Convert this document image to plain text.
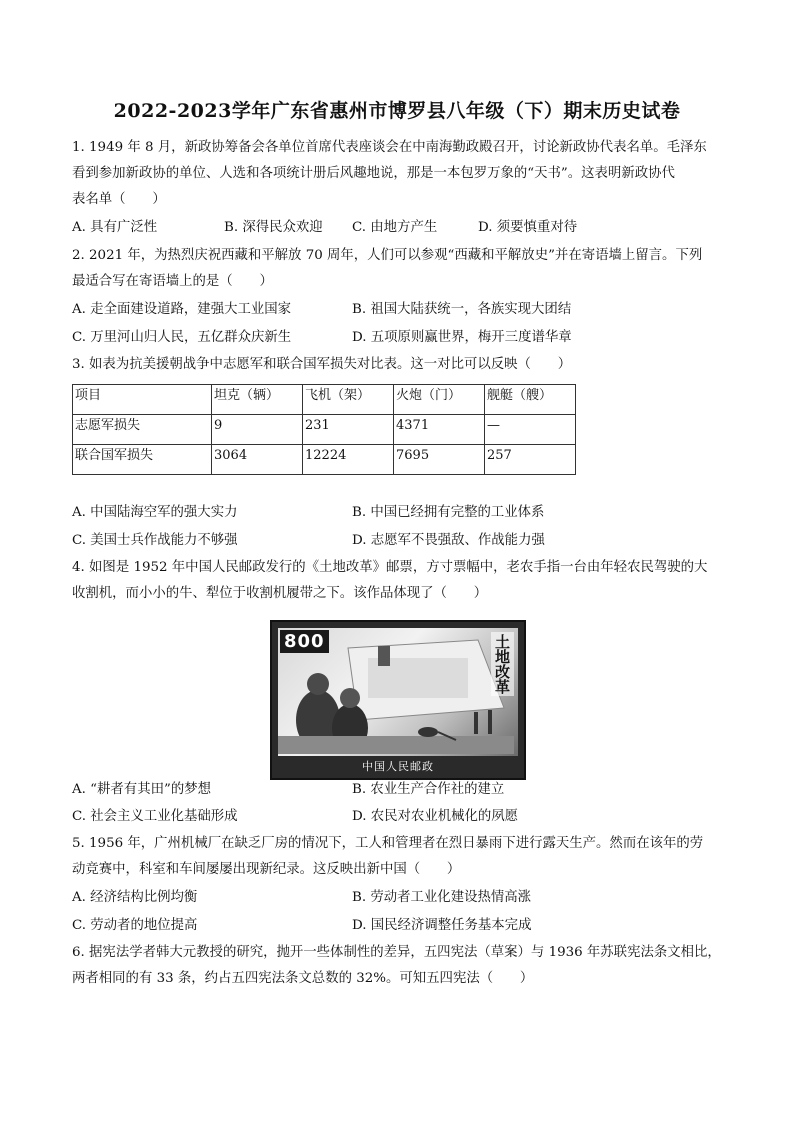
2022-2023学年广东省惠州市博罗县八年级（下）期末历史试卷
1. 1949 年 8 月，新政协筹备会各单位首席代表座谈会在中南海勤政殿召开，讨论新政协代表名单。毛泽东
看到参加新政协的单位、人选和各项统计册后风趣地说，那是一本包罗万象的“天书”。这表明新政协代
表名单（　　）
A. 具有广泛性	B. 深得民众欢迎 C. 由地方产生	D. 须要慎重对待
2. 2021 年，为热烈庆祝西藏和平解放 70 周年，人们可以参观“西藏和平解放史”并在寄语墙上留言。下列
最适合写在寄语墙上的是（　　）
A. 走全面建设道路，建强大工业国家	B. 祖国大陆获统一，各族实现大团结
C. 万里河山归人民，五亿群众庆新生	D. 五项原则赢世界，梅开三度谱华章
3. 如表为抗美援朝战争中志愿军和联合国军损失对比表。这一对比可以反映（　　）
项目	坦克（辆）	飞机（架）	火炮（门）	舰艇（艘）
志愿军损失	9	231	4371	—
联合国军损失	3064	12224	7695	257
A. 中国陆海空军的强大实力	B. 中国已经拥有完整的工业体系
C. 美国士兵作战能力不够强	D. 志愿军不畏强敌、作战能力强
4. 如图是 1952 年中国人民邮政发行的《土地改革》邮票，方寸票幅中，老农手指一台由年轻农民驾驶的大
收割机，而小小的牛、犁位于收割机履带之下。该作品体现了（　　）
800	土地改革
中国人民邮政
A. “耕者有其田”的梦想	B. 农业生产合作社的建立
C. 社会主义工业化基础形成	D. 农民对农业机械化的夙愿
5. 1956 年，广州机械厂在缺乏厂房的情况下，工人和管理者在烈日暴雨下进行露天生产。然而在该年的劳
动竞赛中，科室和车间屡屡出现新纪录。这反映出新中国（　　）
A. 经济结构比例均衡	B. 劳动者工业化建设热情高涨
C. 劳动者的地位提高	D. 国民经济调整任务基本完成
6. 据宪法学者韩大元教授的研究，抛开一些体制性的差异，五四宪法（草案）与 1936 年苏联宪法条文相比，
两者相同的有 33 条，约占五四宪法条文总数的 32%。可知五四宪法（　　）
